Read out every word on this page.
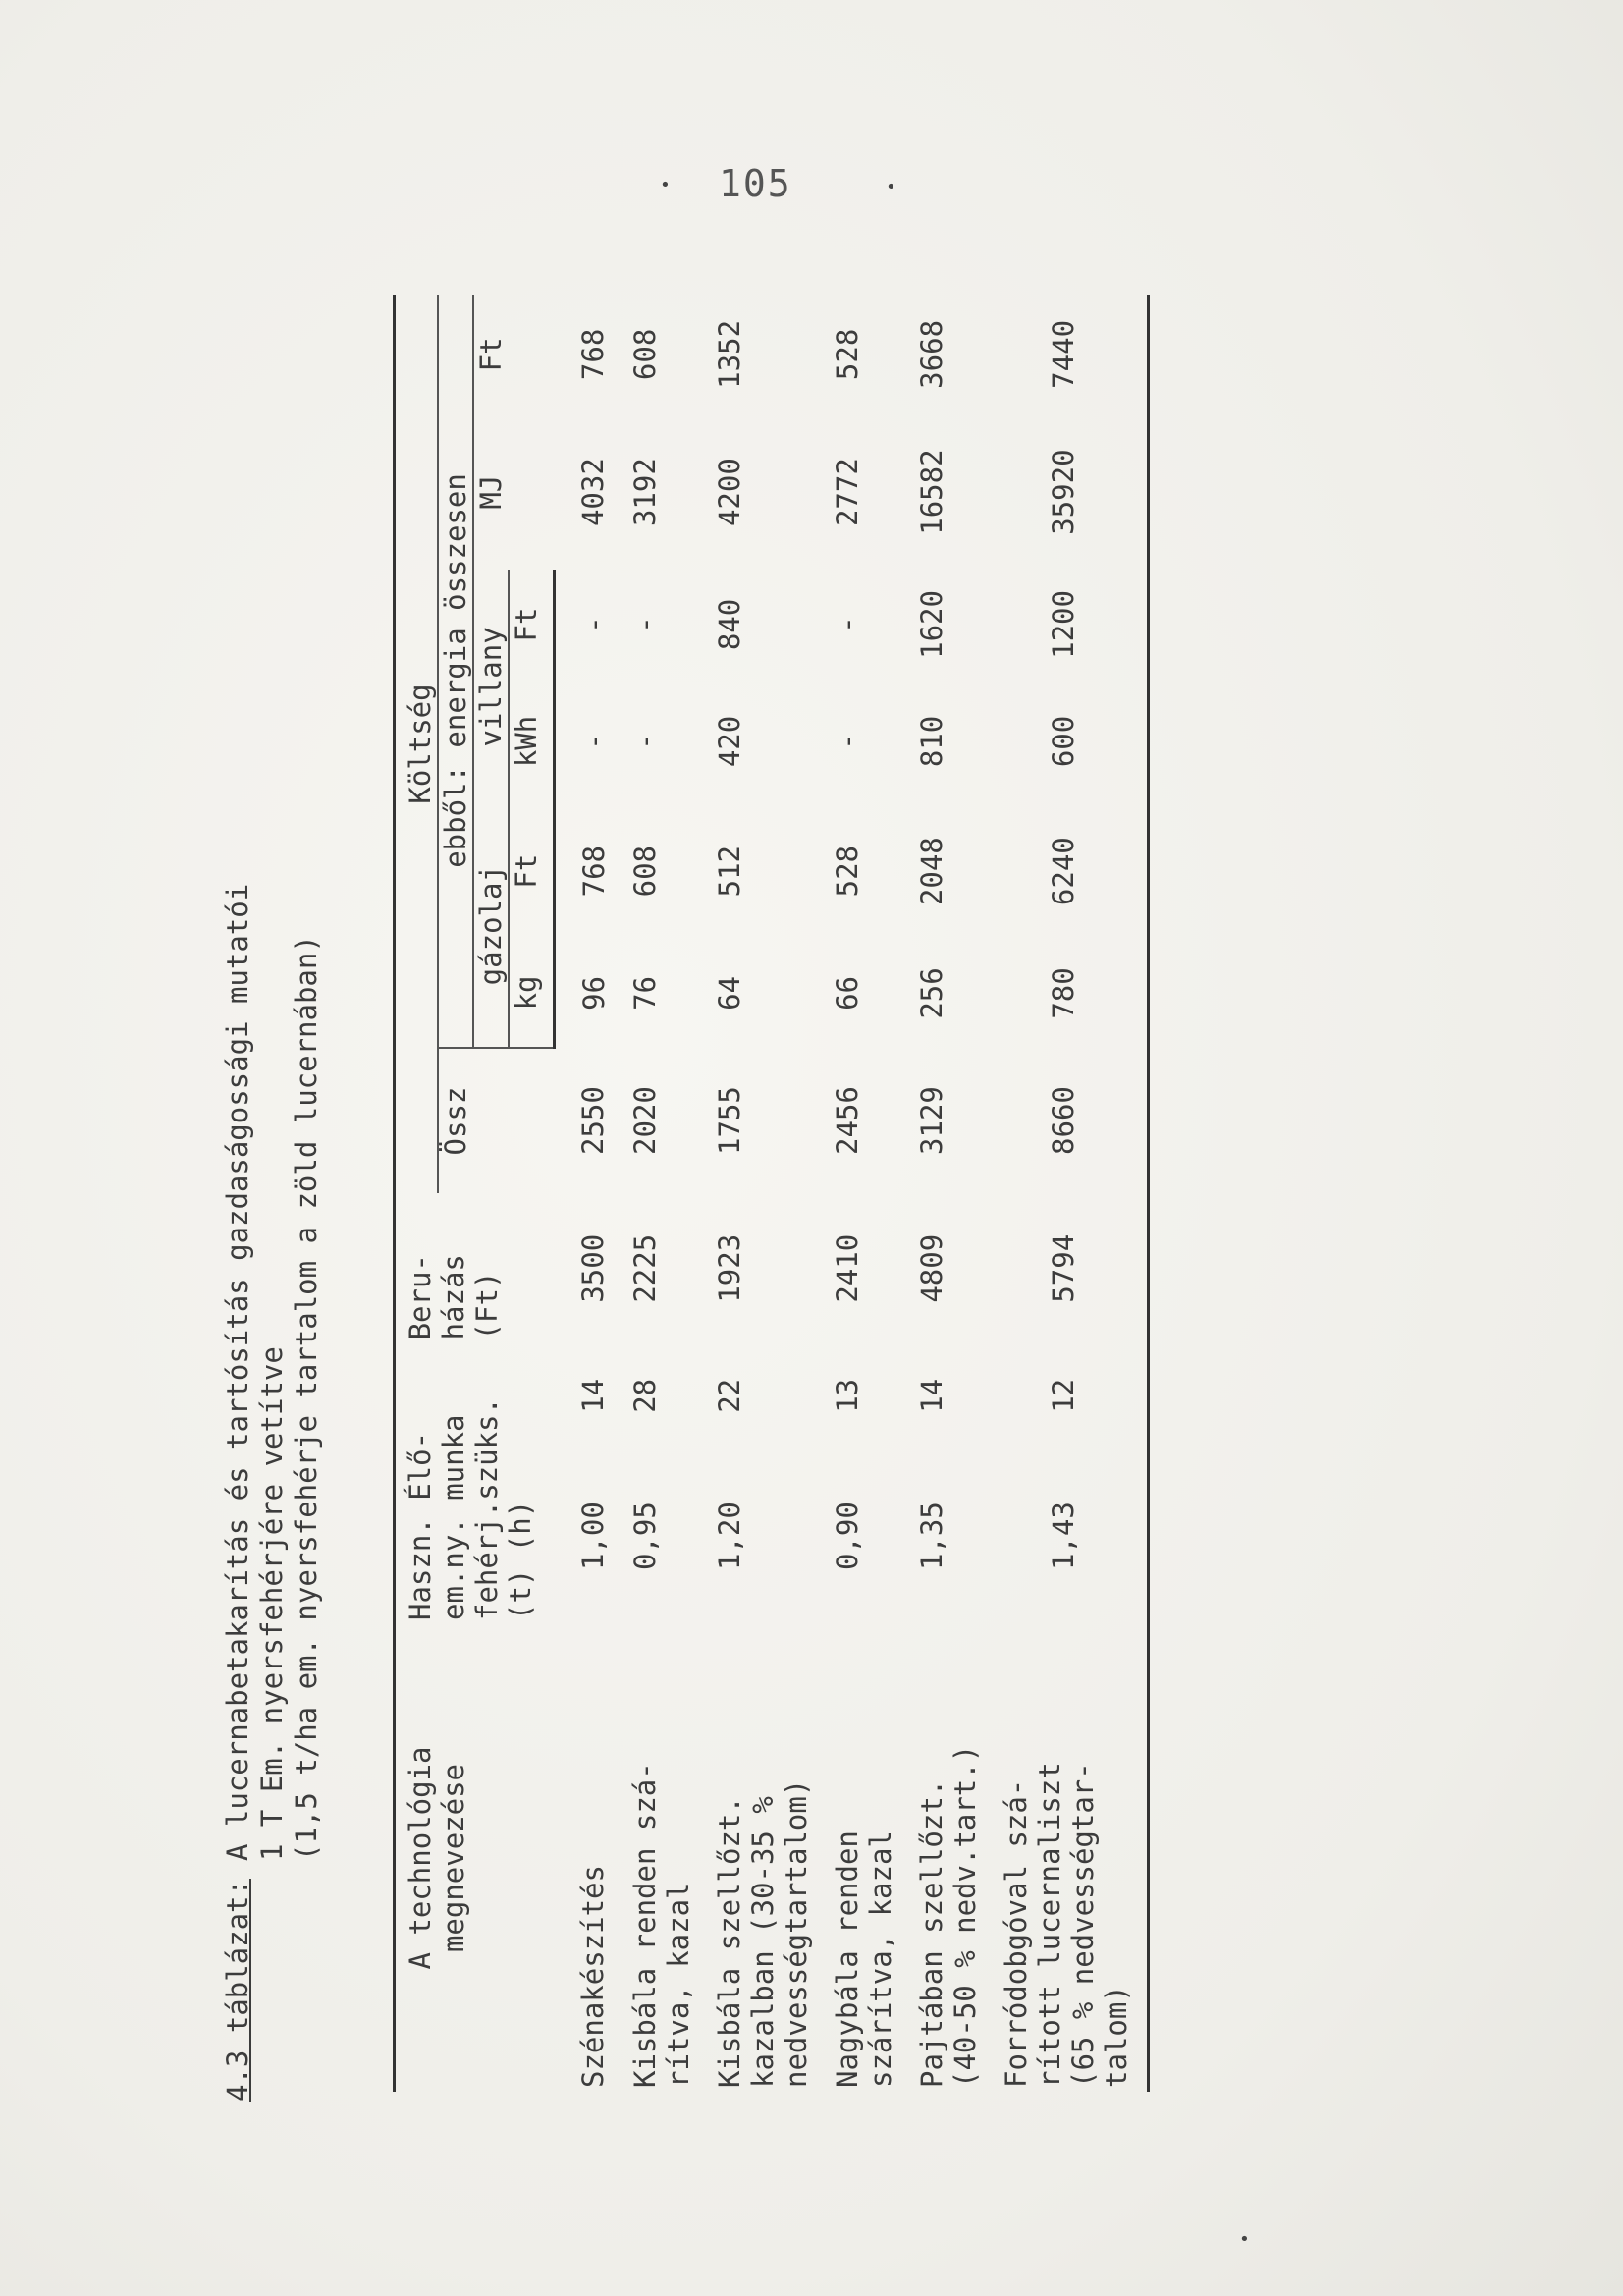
105
•	•
•
4.3 táblázat:
A lucernabetakarítás és tartósítás gazdaságossági mutatói 1 T Em. nyersfehérjére vetítve (1,5 t/ha em. nyersfehérje tartalom a zöld lucernában)
A technológia
megnevezése	Haszn. Élő-
em.ny. munka
fehérj.szüks.
(t) (h)		Beru-
házás
(Ft)	Költség						
				Össz	ebből: energia összesen					
					gázolaj		villany		MJ	Ft
					kg	Ft	kWh	Ft		
Szénakészítés	1,00	14	3500	2550	96	768	-	-	4032	768
Kisbála renden szá-
rítva, kazal	0,95	28	2225	2020	76	608	-	-	3192	608
Kisbála szellőzt.
kazalban (30-35 %
nedvességtartalom)	1,20	22	1923	1755	64	512	420	840	4200	1352
Nagybála renden
szárítva, kazal	0,90	13	2410	2456	66	528	-	-	2772	528
Pajtában szellőzt.
(40-50 % nedv.tart.)	1,35	14	4809	3129	256	2048	810	1620	16582	3668
Forródobgóval szá-
rított lucernaliszt
(65 % nedvességtar-
talom)	1,43	12	5794	8660	780	6240	600	1200	35920	7440
